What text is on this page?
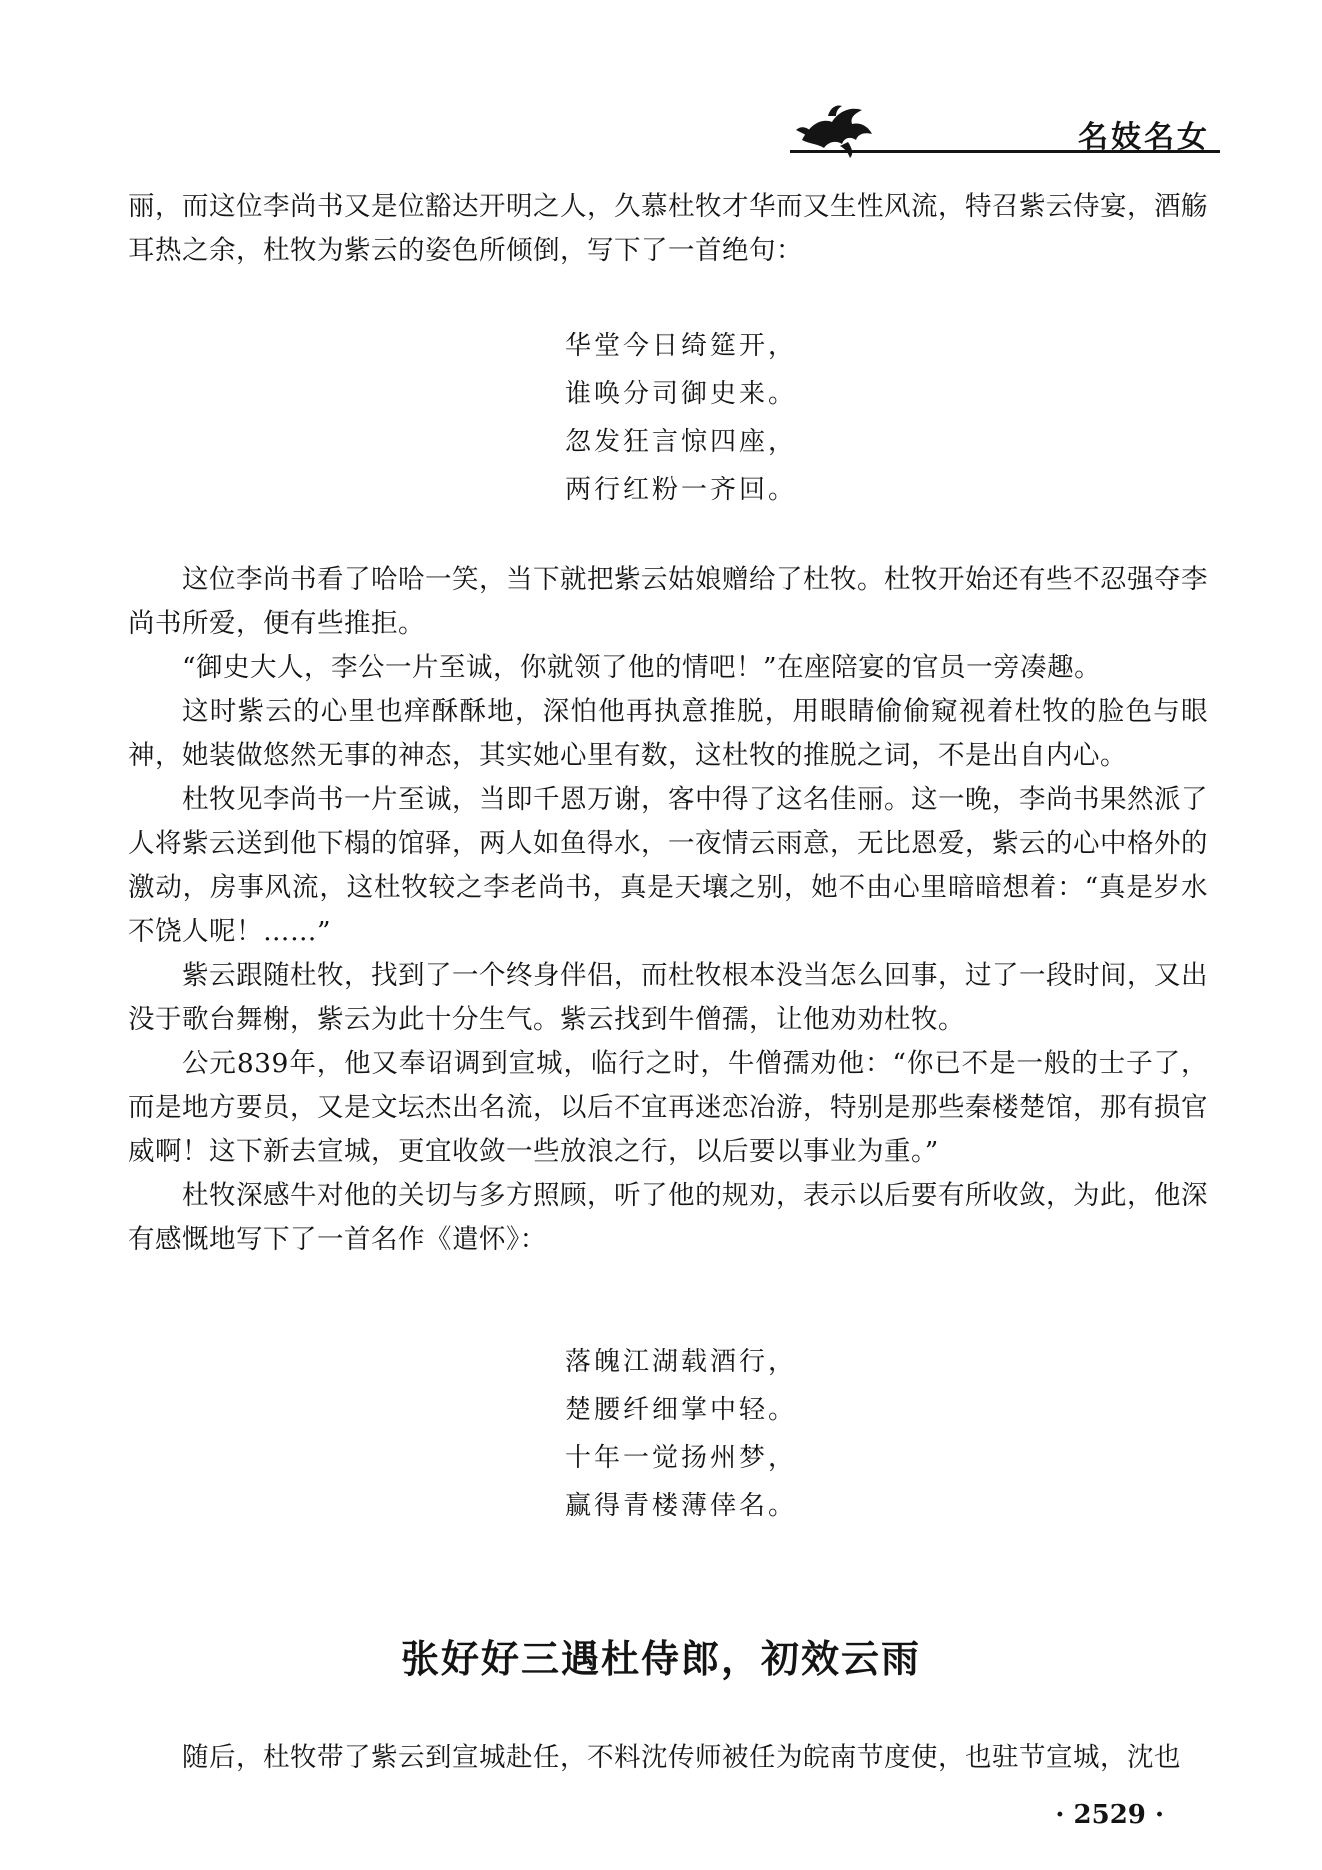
名妓名女

丽，而这位李尚书又是位豁达开明之人，久慕杜牧才华而又生性风流，特召紫云侍宴，酒觞耳热之余，杜牧为紫云的姿色所倾倒，写下了一首绝句：

华堂今日绮筵开，
谁唤分司御史来。
忽发狂言惊四座，
两行红粉一齐回。

这位李尚书看了哈哈一笑，当下就把紫云姑娘赠给了杜牧。杜牧开始还有些不忍强夺李尚书所爱，便有些推拒。

“御史大人，李公一片至诚，你就领了他的情吧！”在座陪宴的官员一旁凑趣。

这时紫云的心里也痒酥酥地，深怕他再执意推脱，用眼睛偷偷窥视着杜牧的脸色与眼神，她装做悠然无事的神态，其实她心里有数，这杜牧的推脱之词，不是出自内心。

杜牧见李尚书一片至诚，当即千恩万谢，客中得了这名佳丽。这一晚，李尚书果然派了人将紫云送到他下榻的馆驿，两人如鱼得水，一夜情云雨意，无比恩爱，紫云的心中格外的激动，房事风流，这杜牧较之李老尚书，真是天壤之别，她不由心里暗暗想着：“真是岁水不饶人呢！……”

紫云跟随杜牧，找到了一个终身伴侣，而杜牧根本没当怎么回事，过了一段时间，又出没于歌台舞榭，紫云为此十分生气。紫云找到牛僧孺，让他劝劝杜牧。

公元839年，他又奉诏调到宣城，临行之时，牛僧孺劝他：“你已不是一般的士子了，而是地方要员，又是文坛杰出名流，以后不宜再迷恋冶游，特别是那些秦楼楚馆，那有损官威啊！这下新去宣城，更宜收敛一些放浪之行，以后要以事业为重。”

杜牧深感牛对他的关切与多方照顾，听了他的规劝，表示以后要有所收敛，为此，他深有感慨地写下了一首名作《遣怀》：

落魄江湖载酒行，
楚腰纤细掌中轻。
十年一觉扬州梦，
赢得青楼薄倖名。
张好好三遇杜侍郎，初效云雨

随后，杜牧带了紫云到宣城赴任，不料沈传师被任为皖南节度使，也驻节宣城，沈也

· 2529 ·
